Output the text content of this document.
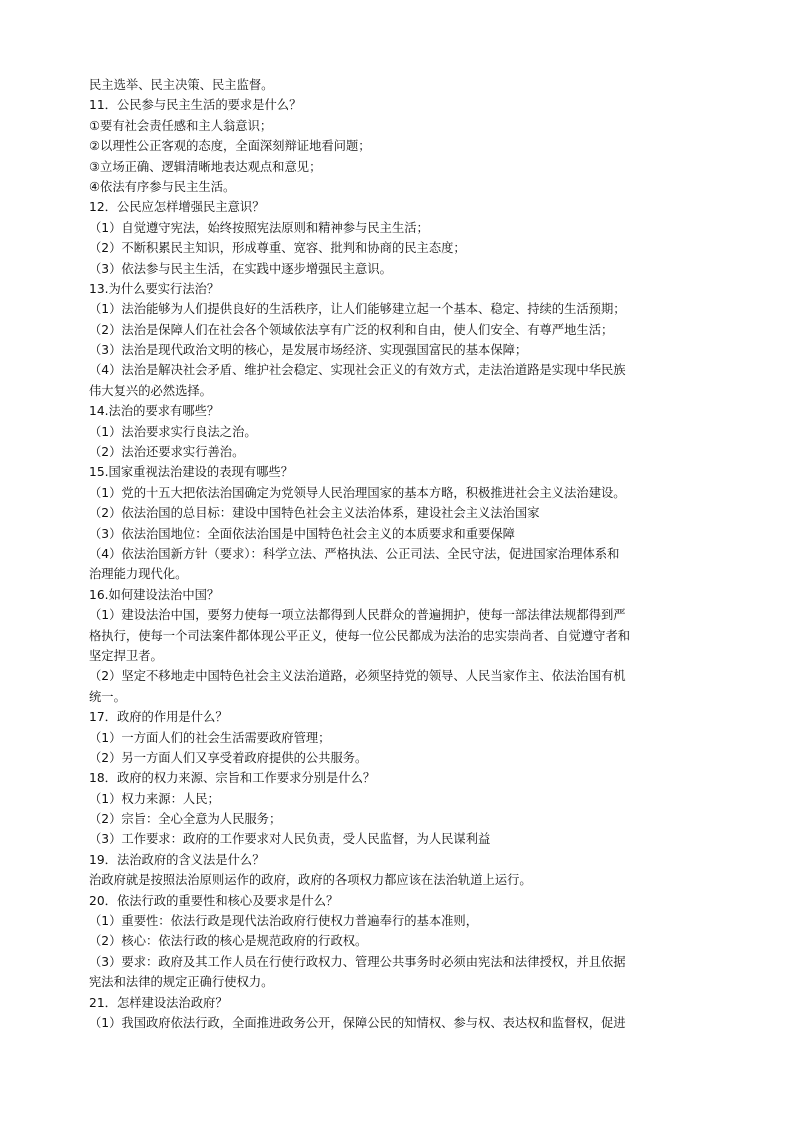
民主选举、民主决策、民主监督。
11．公民参与民主生活的要求是什么？
①要有社会责任感和主人翁意识；
②以理性公正客观的态度，全面深刻辩证地看问题；
③立场正确、逻辑清晰地表达观点和意见；
④依法有序参与民主生活。
12．公民应怎样增强民主意识？
（1）自觉遵守宪法，始终按照宪法原则和精神参与民主生活；
（2）不断积累民主知识，形成尊重、宽容、批判和协商的民主态度；
（3）依法参与民主生活，在实践中逐步增强民主意识。
13.为什么要实行法治？
（1）法治能够为人们提供良好的生活秩序，让人们能够建立起一个基本、稳定、持续的生活预期；
（2）法治是保障人们在社会各个领域依法享有广泛的权利和自由，使人们安全、有尊严地生活；
（3）法治是现代政治文明的核心，是发展市场经济、实现强国富民的基本保障；
（4）法治是解决社会矛盾、维护社会稳定、实现社会正义的有效方式，走法治道路是实现中华民族
伟大复兴的必然选择。
14.法治的要求有哪些？
（1）法治要求实行良法之治。
（2）法治还要求实行善治。
15.国家重视法治建设的表现有哪些？
（1）党的十五大把依法治国确定为党领导人民治理国家的基本方略，积极推进社会主义法治建设。
（2）依法治国的总目标：建设中国特色社会主义法治体系，建设社会主义法治国家
（3）依法治国地位：全面依法治国是中国特色社会主义的本质要求和重要保障
（4）依法治国新方针（要求）：科学立法、严格执法、公正司法、全民守法，促进国家治理体系和
治理能力现代化。
16.如何建设法治中国？
（1）建设法治中国，要努力使每一项立法都得到人民群众的普遍拥护，使每一部法律法规都得到严
格执行，使每一个司法案件都体现公平正义，使每一位公民都成为法治的忠实崇尚者、自觉遵守者和
坚定捍卫者。
（2）坚定不移地走中国特色社会主义法治道路，必须坚持党的领导、人民当家作主、依法治国有机
统一。
17．政府的作用是什么？
（1）一方面人们的社会生活需要政府管理；
（2）另一方面人们又享受着政府提供的公共服务。
18．政府的权力来源、宗旨和工作要求分别是什么？
（1）权力来源：人民；
（2）宗旨：全心全意为人民服务；
（3）工作要求：政府的工作要求对人民负责，受人民监督，为人民谋利益
19．法治政府的含义法是什么？
治政府就是按照法治原则运作的政府，政府的各项权力都应该在法治轨道上运行。
20．依法行政的重要性和核心及要求是什么？
（1）重要性：依法行政是现代法治政府行使权力普遍奉行的基本准则，
（2）核心：依法行政的核心是规范政府的行政权。
（3）要求：政府及其工作人员在行使行政权力、管理公共事务时必须由宪法和法律授权，并且依据
宪法和法律的规定正确行使权力。
21．怎样建设法治政府？
（1）我国政府依法行政，全面推进政务公开，保障公民的知情权、参与权、表达权和监督权，促进
